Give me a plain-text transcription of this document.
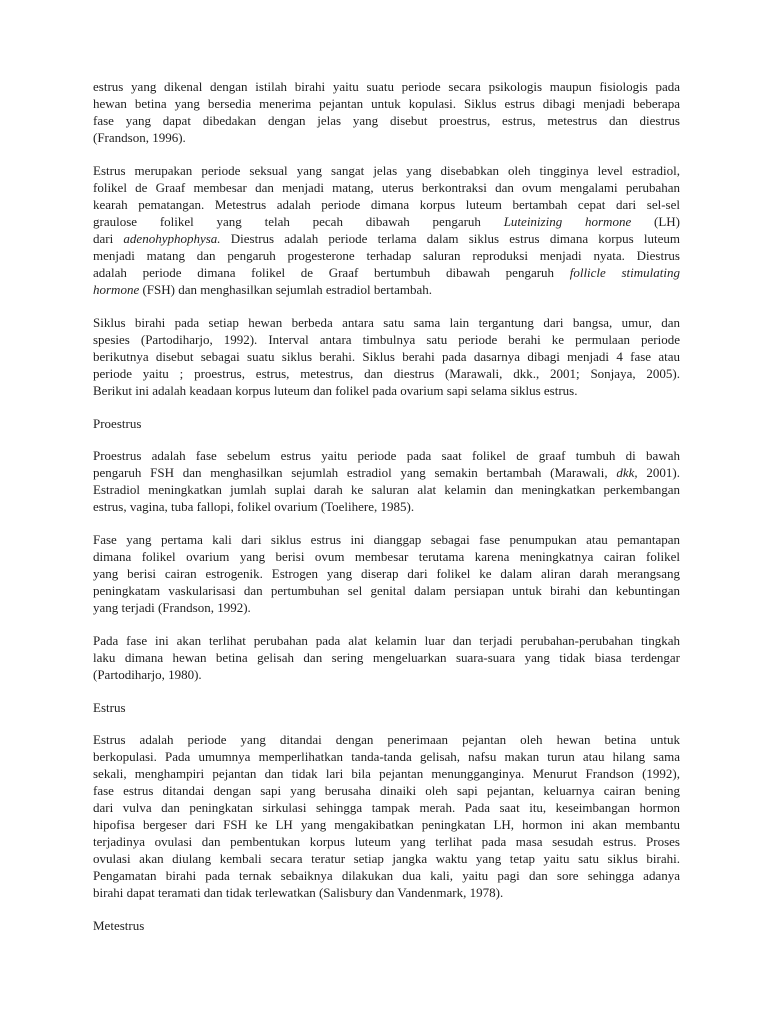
estrus yang dikenal dengan istilah birahi yaitu suatu periode secara psikologis maupun fisiologis pada
hewan betina yang bersedia menerima pejantan untuk kopulasi. Siklus estrus dibagi menjadi beberapa
fase yang dapat dibedakan dengan jelas yang disebut proestrus, estrus, metestrus dan diestrus
(Frandson, 1996).
Estrus merupakan periode seksual yang sangat jelas yang disebabkan oleh tingginya level estradiol,
folikel de Graaf membesar dan menjadi matang, uterus berkontraksi dan ovum mengalami perubahan
kearah pematangan. Metestrus adalah periode dimana korpus luteum bertambah cepat dari sel-sel
graulose folikel yang telah pecah dibawah pengaruh Luteinizing hormone (LH)
dari adenohyphophysa. Diestrus adalah periode terlama dalam siklus estrus dimana korpus luteum
menjadi matang dan pengaruh progesterone terhadap saluran reproduksi menjadi nyata. Diestrus
adalah periode dimana folikel de Graaf bertumbuh dibawah pengaruh follicle stimulating
hormone (FSH) dan menghasilkan sejumlah estradiol bertambah.
Siklus birahi pada setiap hewan berbeda antara satu sama lain tergantung dari bangsa, umur, dan
spesies (Partodiharjo, 1992). Interval antara timbulnya satu periode berahi ke permulaan periode
berikutnya disebut sebagai suatu siklus berahi. Siklus berahi pada dasarnya dibagi menjadi 4 fase atau
periode yaitu ; proestrus, estrus, metestrus, dan diestrus (Marawali, dkk., 2001; Sonjaya, 2005).
Berikut ini adalah keadaan korpus luteum dan folikel pada ovarium sapi selama siklus estrus.
Proestrus
Proestrus adalah fase sebelum estrus yaitu periode pada saat folikel de graaf tumbuh di bawah
pengaruh FSH dan menghasilkan sejumlah estradiol yang semakin bertambah (Marawali, dkk, 2001).
Estradiol meningkatkan jumlah suplai darah ke saluran alat kelamin dan meningkatkan perkembangan
estrus, vagina, tuba fallopi, folikel ovarium (Toelihere, 1985).
Fase yang pertama kali dari siklus estrus ini dianggap sebagai fase penumpukan atau pemantapan
dimana folikel ovarium yang berisi ovum membesar terutama karena meningkatnya cairan folikel
yang berisi cairan estrogenik. Estrogen yang diserap dari folikel ke dalam aliran darah merangsang
peningkatam vaskularisasi dan pertumbuhan sel genital dalam persiapan untuk birahi dan kebuntingan
yang terjadi (Frandson, 1992).
Pada fase ini akan terlihat perubahan pada alat kelamin luar dan terjadi perubahan-perubahan tingkah
laku dimana hewan betina gelisah dan sering mengeluarkan suara-suara yang tidak biasa terdengar
(Partodiharjo, 1980).
Estrus
Estrus adalah periode yang ditandai dengan penerimaan pejantan oleh hewan betina untuk
berkopulasi. Pada umumnya memperlihatkan tanda-tanda gelisah, nafsu makan turun atau hilang sama
sekali, menghampiri pejantan dan tidak lari bila pejantan menungganginya. Menurut Frandson (1992),
fase estrus ditandai dengan sapi yang berusaha dinaiki oleh sapi pejantan, keluarnya cairan bening
dari vulva dan peningkatan sirkulasi sehingga tampak merah. Pada saat itu, keseimbangan hormon
hipofisa bergeser dari FSH ke LH yang mengakibatkan peningkatan LH, hormon ini akan membantu
terjadinya ovulasi dan pembentukan korpus luteum yang terlihat pada masa sesudah estrus. Proses
ovulasi akan diulang kembali secara teratur setiap jangka waktu yang tetap yaitu satu siklus birahi.
Pengamatan birahi pada ternak sebaiknya dilakukan dua kali, yaitu pagi dan sore sehingga adanya
birahi dapat teramati dan tidak terlewatkan (Salisbury dan Vandenmark, 1978).
Metestrus
